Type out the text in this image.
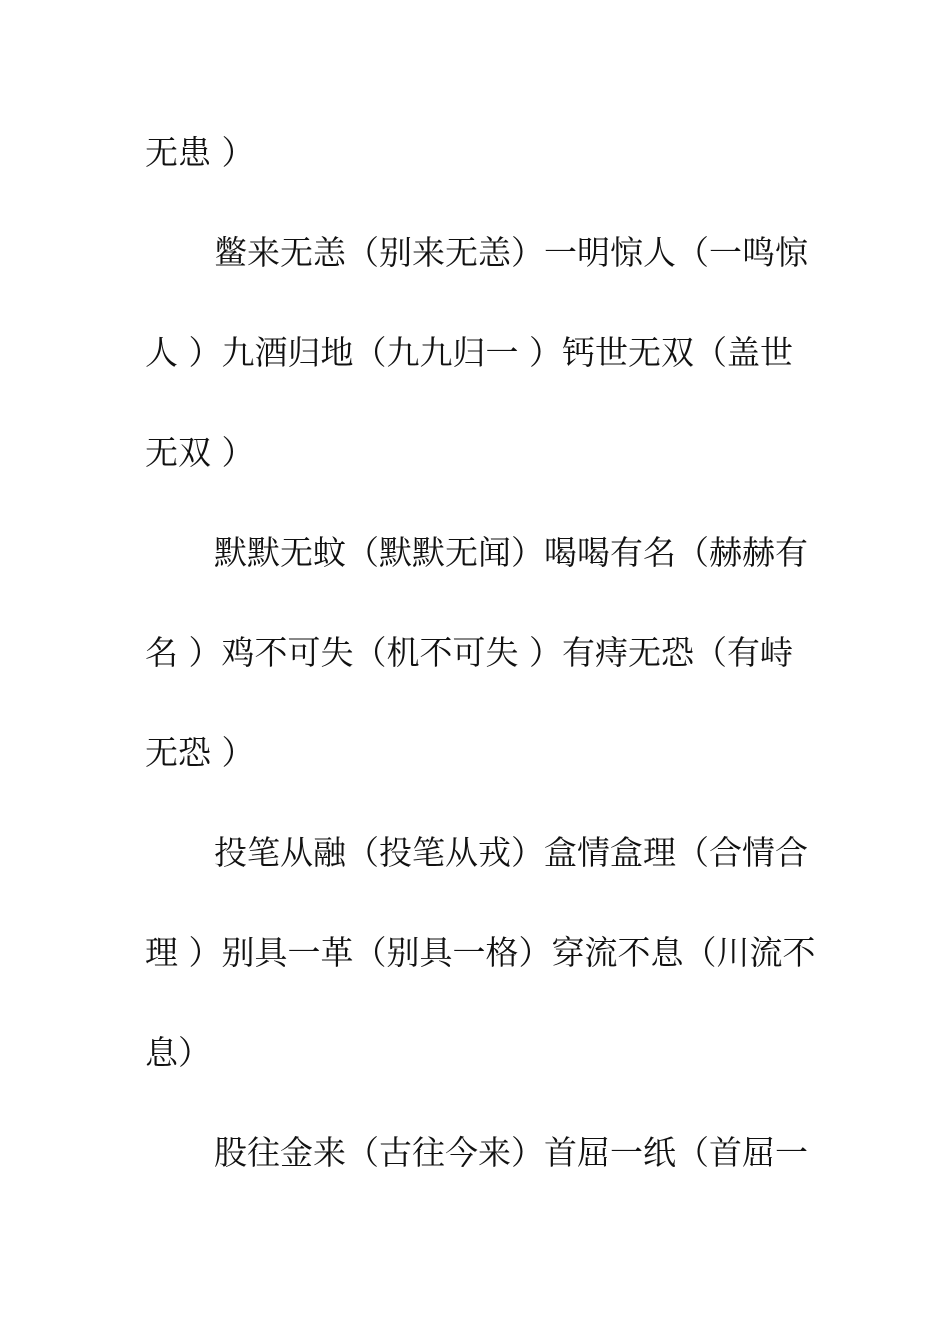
无患 ）
鳖来无恙（别来无恙）一明惊人（一鸣惊
人 ）九酒归地（九九归一 ）钙世无双（盖世
无双 ）
默默无蚊（默默无闻）喝喝有名（赫赫有
名 ）鸡不可失（机不可失 ）有痔无恐（有峙
无恐 ）
投笔从融（投笔从戎）盒情盒理（合情合
理 ）别具一革（别具一格）穿流不息（川流不
息）
股往金来（古往今来）首屈一纸（首屈一
